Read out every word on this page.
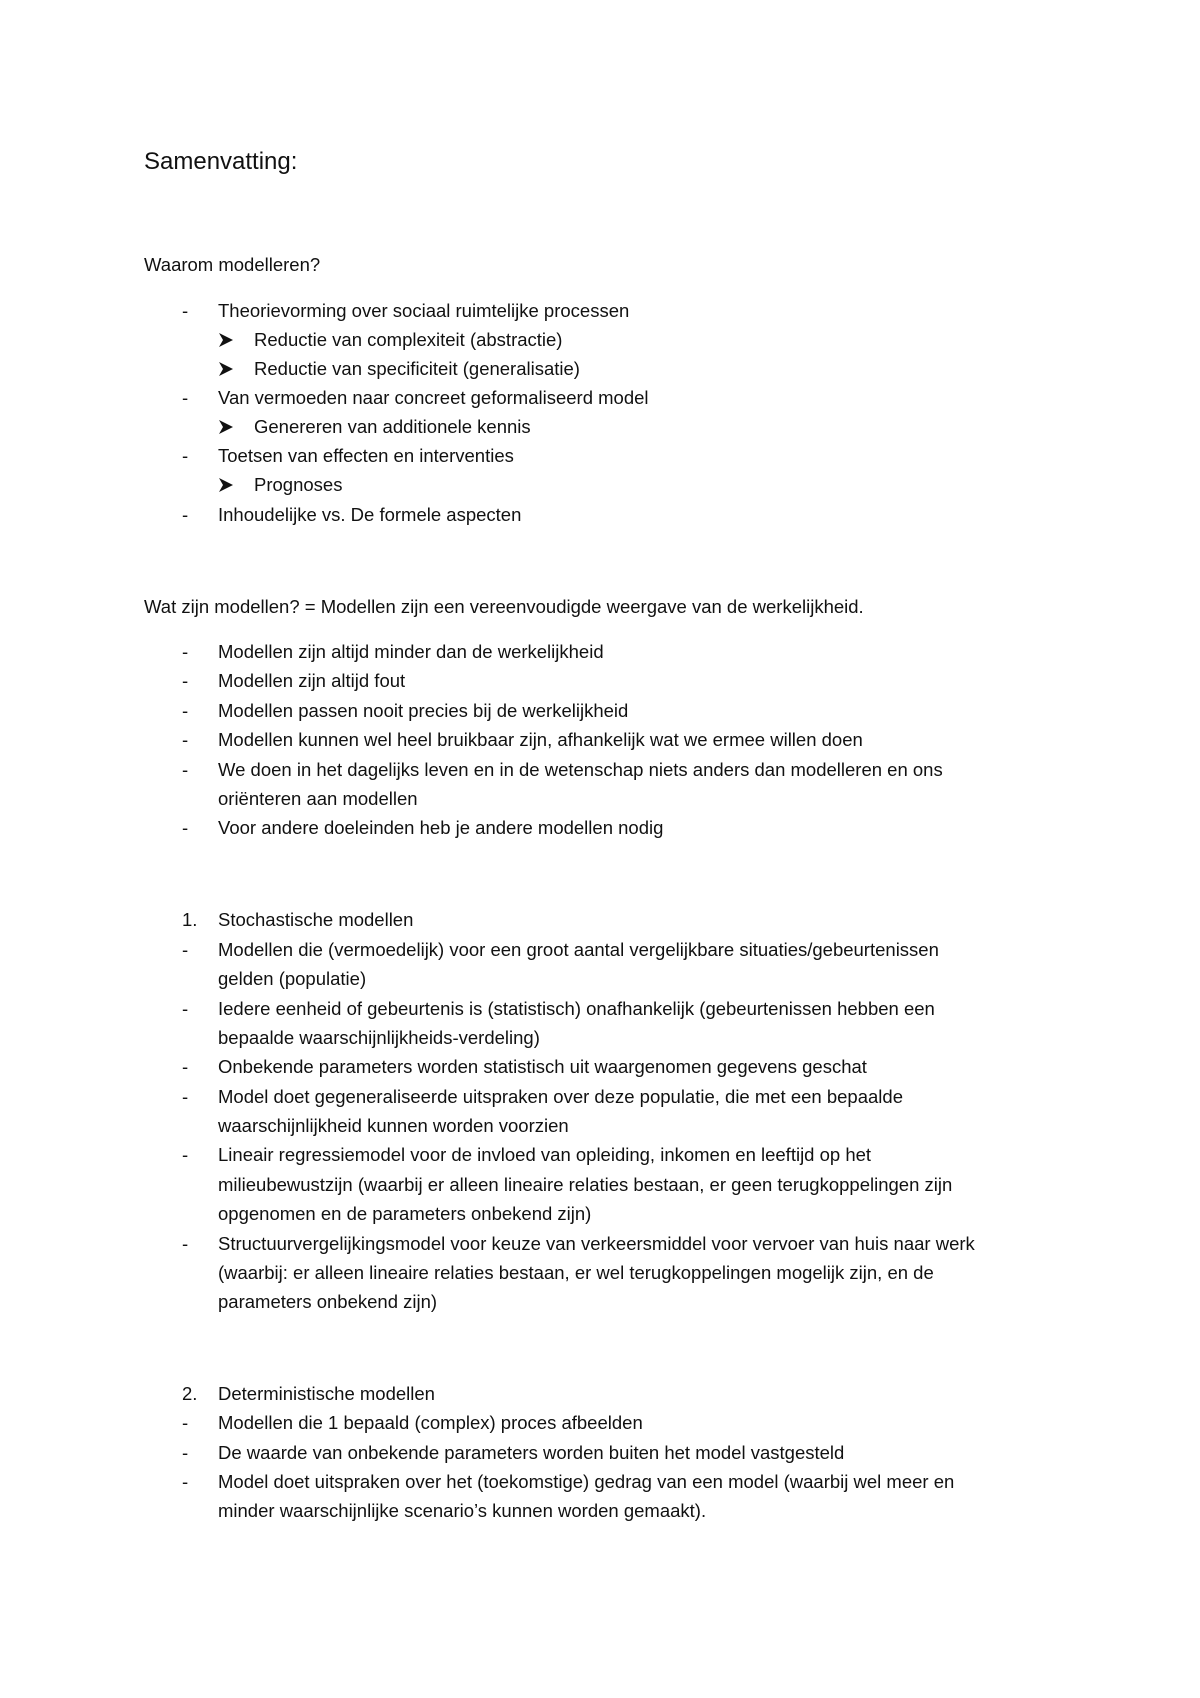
Samenvatting:
Waarom modelleren?
-	Theorievorming over sociaal ruimtelijke processen
Reductie van complexiteit (abstractie)
Reductie van specificiteit (generalisatie)
-	Van vermoeden naar concreet geformaliseerd model
Genereren van additionele kennis
-	Toetsen van effecten en interventies
Prognoses
-	Inhoudelijke vs. De formele aspecten
Wat zijn modellen? = Modellen zijn een vereenvoudigde weergave van de werkelijkheid.
-	Modellen zijn altijd minder dan de werkelijkheid
-	Modellen zijn altijd fout
-	Modellen passen nooit precies bij de werkelijkheid
-	Modellen kunnen wel heel bruikbaar zijn, afhankelijk wat we ermee willen doen
-	We doen in het dagelijks leven en in de wetenschap niets anders dan modelleren en ons
oriënteren aan modellen
-	Voor andere doeleinden heb je andere modellen nodig
1. Stochastische modellen
-	Modellen die (vermoedelijk) voor een groot aantal vergelijkbare situaties/gebeurtenissen
gelden (populatie)
-	Iedere eenheid of gebeurtenis is (statistisch) onafhankelijk (gebeurtenissen hebben een
bepaalde waarschijnlijkheids-verdeling)
-	Onbekende parameters worden statistisch uit waargenomen gegevens geschat
-	Model doet gegeneraliseerde uitspraken over deze populatie, die met een bepaalde
waarschijnlijkheid kunnen worden voorzien
-	Lineair regressiemodel voor de invloed van opleiding, inkomen en leeftijd op het
milieubewustzijn (waarbij er alleen lineaire relaties bestaan, er geen terugkoppelingen zijn
opgenomen en de parameters onbekend zijn)
-	Structuurvergelijkingsmodel voor keuze van verkeersmiddel voor vervoer van huis naar werk
(waarbij: er alleen lineaire relaties bestaan, er wel terugkoppelingen mogelijk zijn, en de
parameters onbekend zijn)
2. Deterministische modellen
-	Modellen die 1 bepaald (complex) proces afbeelden
-	De waarde van onbekende parameters worden buiten het model vastgesteld
-	Model doet uitspraken over het (toekomstige) gedrag van een model (waarbij wel meer en
minder waarschijnlijke scenario’s kunnen worden gemaakt).
